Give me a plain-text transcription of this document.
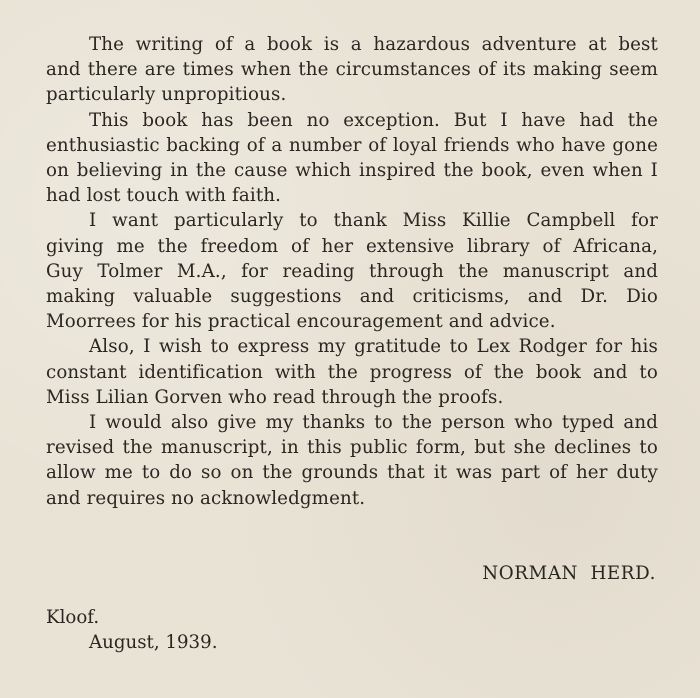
The writing of a book is a hazardous adventure at best
and there are times when the circumstances of its making seem
particularly unpropitious.

This book has been no exception. But I have had the
enthusiastic backing of a number of loyal friends who have gone
on believing in the cause which inspired the book, even when I
had lost touch with faith.

I want particularly to thank Miss Killie Campbell for
giving me the freedom of her extensive library of Africana,
Guy Tolmer M.A., for reading through the manuscript and
making valuable suggestions and criticisms, and Dr. Dio
Moorrees for his practical encouragement and advice.

Also, I wish to express my gratitude to Lex Rodger for his
constant identification with the progress of the book and to
Miss Lilian Gorven who read through the proofs.

I would also give my thanks to the person who typed and
revised the manuscript, in this public form, but she declines to
allow me to do so on the grounds that it was part of her duty
and requires no acknowledgment.

NORMAN HERD.
Kloof.
August, 1939.
